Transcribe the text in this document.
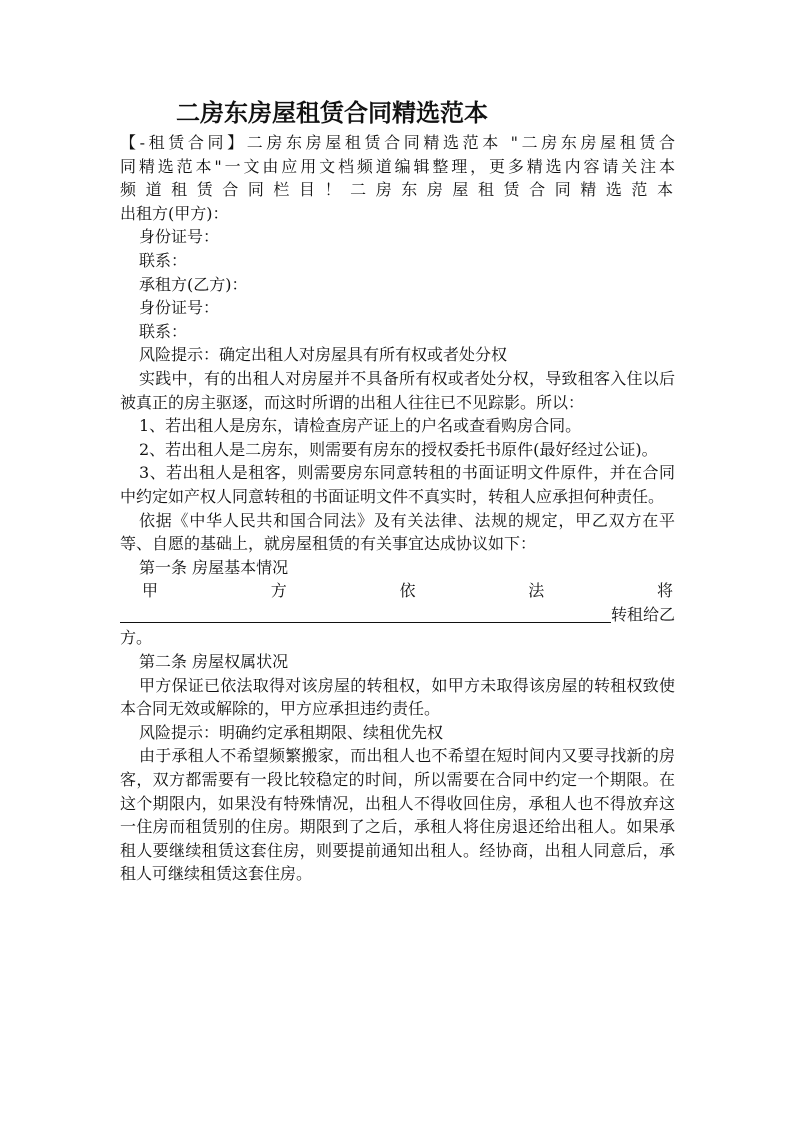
二房东房屋租赁合同精选范本

【-租赁合同】二房东房屋租赁合同精选范本 "二房东房屋租赁合

同精选范本"一文由应用文档频道编辑整理，更多精选内容请关注本

频道租赁合同栏目！二房东房屋租赁合同精选范本

出租方(甲方)：

身份证号：

联系：

承租方(乙方)：

身份证号：

联系：

风险提示：确定出租人对房屋具有所有权或者处分权

实践中，有的出租人对房屋并不具备所有权或者处分权，导致租客入住以后被真正的房主驱逐，而这时所谓的出租人往往已不见踪影。所以：

1、若出租人是房东，请检查房产证上的户名或查看购房合同。

2、若出租人是二房东，则需要有房东的授权委托书原件(最好经过公证)。

3、若出租人是租客，则需要房东同意转租的书面证明文件原件，并在合同中约定如产权人同意转租的书面证明文件不真实时，转租人应承担何种责任。

依据《中华人民共和国合同法》及有关法律、法规的规定，甲乙双方在平等、自愿的基础上，就房屋租赁的有关事宜达成协议如下：

第一条 房屋基本情况

甲	方	依	法	将
转租给乙

方。

第二条 房屋权属状况

甲方保证已依法取得对该房屋的转租权，如甲方未取得该房屋的转租权致使本合同无效或解除的，甲方应承担违约责任。

风险提示：明确约定承租期限、续租优先权

由于承租人不希望频繁搬家，而出租人也不希望在短时间内又要寻找新的房客，双方都需要有一段比较稳定的时间，所以需要在合同中约定一个期限。在这个期限内，如果没有特殊情况，出租人不得收回住房，承租人也不得放弃这一住房而租赁别的住房。期限到了之后，承租人将住房退还给出租人。如果承租人要继续租赁这套住房，则要提前通知出租人。经协商，出租人同意后，承租人可继续租赁这套住房。
